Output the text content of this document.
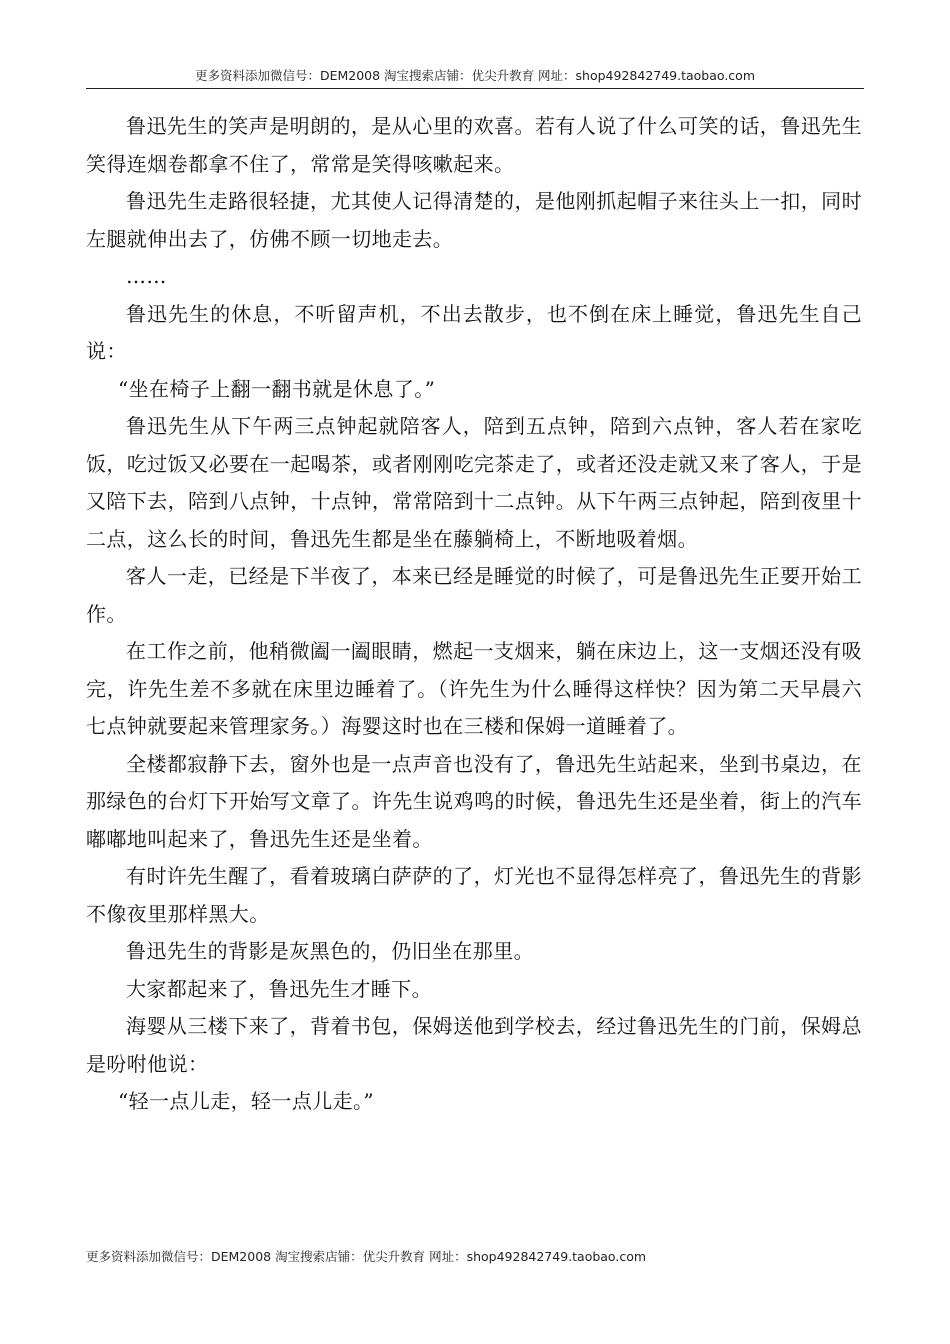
更多资料添加微信号：DEM2008 淘宝搜索店铺：优尖升教育 网址：shop492842749.taobao.com

鲁迅先生的笑声是明朗的，是从心里的欢喜。若有人说了什么可笑的话，鲁迅先生笑得连烟卷都拿不住了，常常是笑得咳嗽起来。

鲁迅先生走路很轻捷，尤其使人记得清楚的，是他刚抓起帽子来往头上一扣，同时左腿就伸出去了，仿佛不顾一切地走去。

……

鲁迅先生的休息，不听留声机，不出去散步，也不倒在床上睡觉，鲁迅先生自己说：

“坐在椅子上翻一翻书就是休息了。”

鲁迅先生从下午两三点钟起就陪客人，陪到五点钟，陪到六点钟，客人若在家吃饭，吃过饭又必要在一起喝茶，或者刚刚吃完茶走了，或者还没走就又来了客人，于是又陪下去，陪到八点钟，十点钟，常常陪到十二点钟。从下午两三点钟起，陪到夜里十二点，这么长的时间，鲁迅先生都是坐在藤躺椅上，不断地吸着烟。

客人一走，已经是下半夜了，本来已经是睡觉的时候了，可是鲁迅先生正要开始工作。

在工作之前，他稍微阖一阖眼睛，燃起一支烟来，躺在床边上，这一支烟还没有吸完，许先生差不多就在床里边睡着了。（许先生为什么睡得这样快？因为第二天早晨六七点钟就要起来管理家务。）海婴这时也在三楼和保姆一道睡着了。

全楼都寂静下去，窗外也是一点声音也没有了，鲁迅先生站起来，坐到书桌边，在那绿色的台灯下开始写文章了。许先生说鸡鸣的时候，鲁迅先生还是坐着，街上的汽车嘟嘟地叫起来了，鲁迅先生还是坐着。

有时许先生醒了，看着玻璃白萨萨的了，灯光也不显得怎样亮了，鲁迅先生的背影不像夜里那样黑大。

鲁迅先生的背影是灰黑色的，仍旧坐在那里。

大家都起来了，鲁迅先生才睡下。

海婴从三楼下来了，背着书包，保姆送他到学校去，经过鲁迅先生的门前，保姆总是吩咐他说：

“轻一点儿走，轻一点儿走。”

更多资料添加微信号：DEM2008 淘宝搜索店铺：优尖升教育 网址：shop492842749.taobao.com
